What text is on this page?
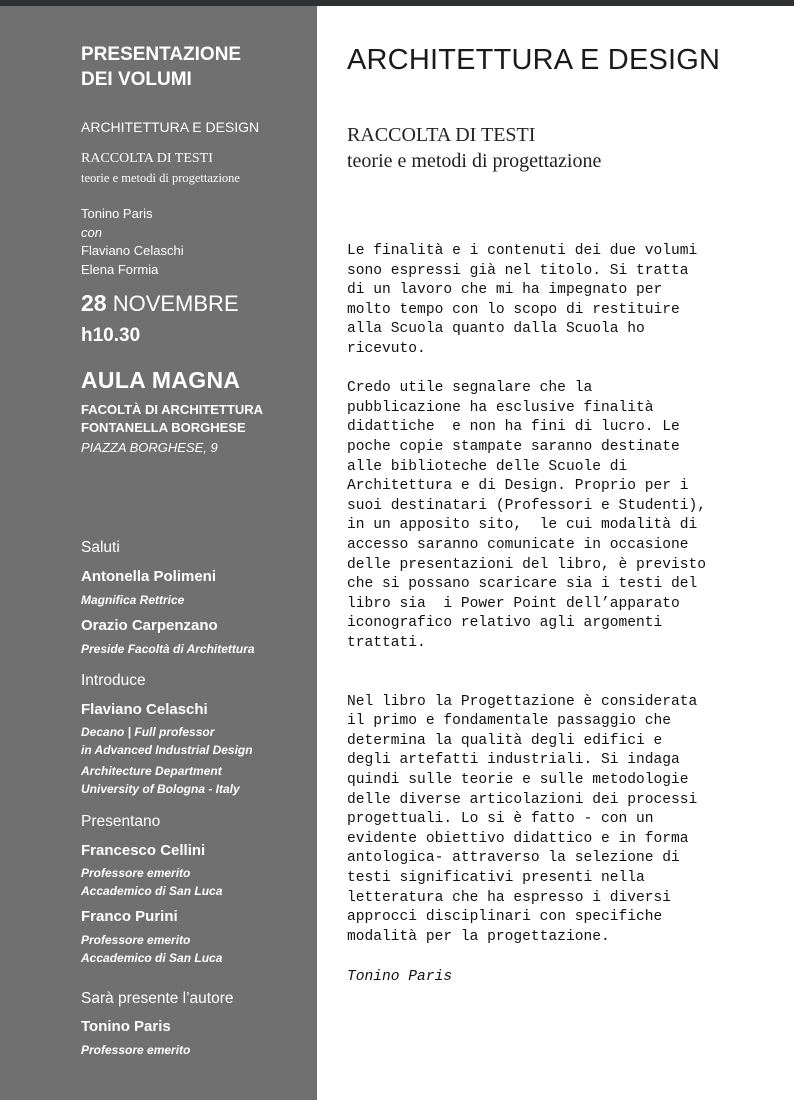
PRESENTAZIONE
DEI VOLUMI
ARCHITETTURA E DESIGN
RACCOLTA DI TESTI
teorie e metodi di progettazione
Tonino Paris
con
Flaviano Celaschi
Elena Formia
28 NOVEMBRE
h10.30
AULA MAGNA
FACOLTÀ DI ARCHITETTURA
FONTANELLA BORGHESE
PIAZZA BORGHESE, 9
Saluti
Antonella Polimeni
Magnifica Rettrice
Orazio Carpenzano
Preside Facoltà di Architettura
Introduce
Flaviano Celaschi
Decano | Full professor
in Advanced Industrial Design
Architecture Department
University of Bologna - Italy
Presentano
Francesco Cellini
Professore emerito
Accademico di San Luca
Franco Purini
Professore emerito
Accademico di San Luca
Sarà presente l’autore
Tonino Paris
Professore emerito
ARCHITETTURA E DESIGN
RACCOLTA DI TESTI
teorie e metodi di progettazione
Le finalità e i contenuti dei due volumi
sono espressi già nel titolo. Si tratta
di un lavoro che mi ha impegnato per
molto tempo con lo scopo di restituire
alla Scuola quanto dalla Scuola ho
ricevuto.

Credo utile segnalare che la
pubblicazione ha esclusive finalità
didattiche  e non ha fini di lucro. Le
poche copie stampate saranno destinate
alle biblioteche delle Scuole di
Architettura e di Design. Proprio per i
suoi destinatari (Professori e Studenti),
in un apposito sito,  le cui modalità di
accesso saranno comunicate in occasione
delle presentazioni del libro, è previsto
che si possano scaricare sia i testi del
libro sia  i Power Point dell’apparato
iconografico relativo agli argomenti
trattati.

Nel libro la Progettazione è considerata
il primo e fondamentale passaggio che
determina la qualità degli edifici e
degli artefatti industriali. Si indaga
quindi sulle teorie e sulle metodologie
delle diverse articolazioni dei processi
progettuali. Lo si è fatto - con un
evidente obiettivo didattico e in forma
antologica- attraverso la selezione di
testi significativi presenti nella
letteratura che ha espresso i diversi
approcci disciplinari con specifiche
modalità per la progettazione.
Tonino Paris
